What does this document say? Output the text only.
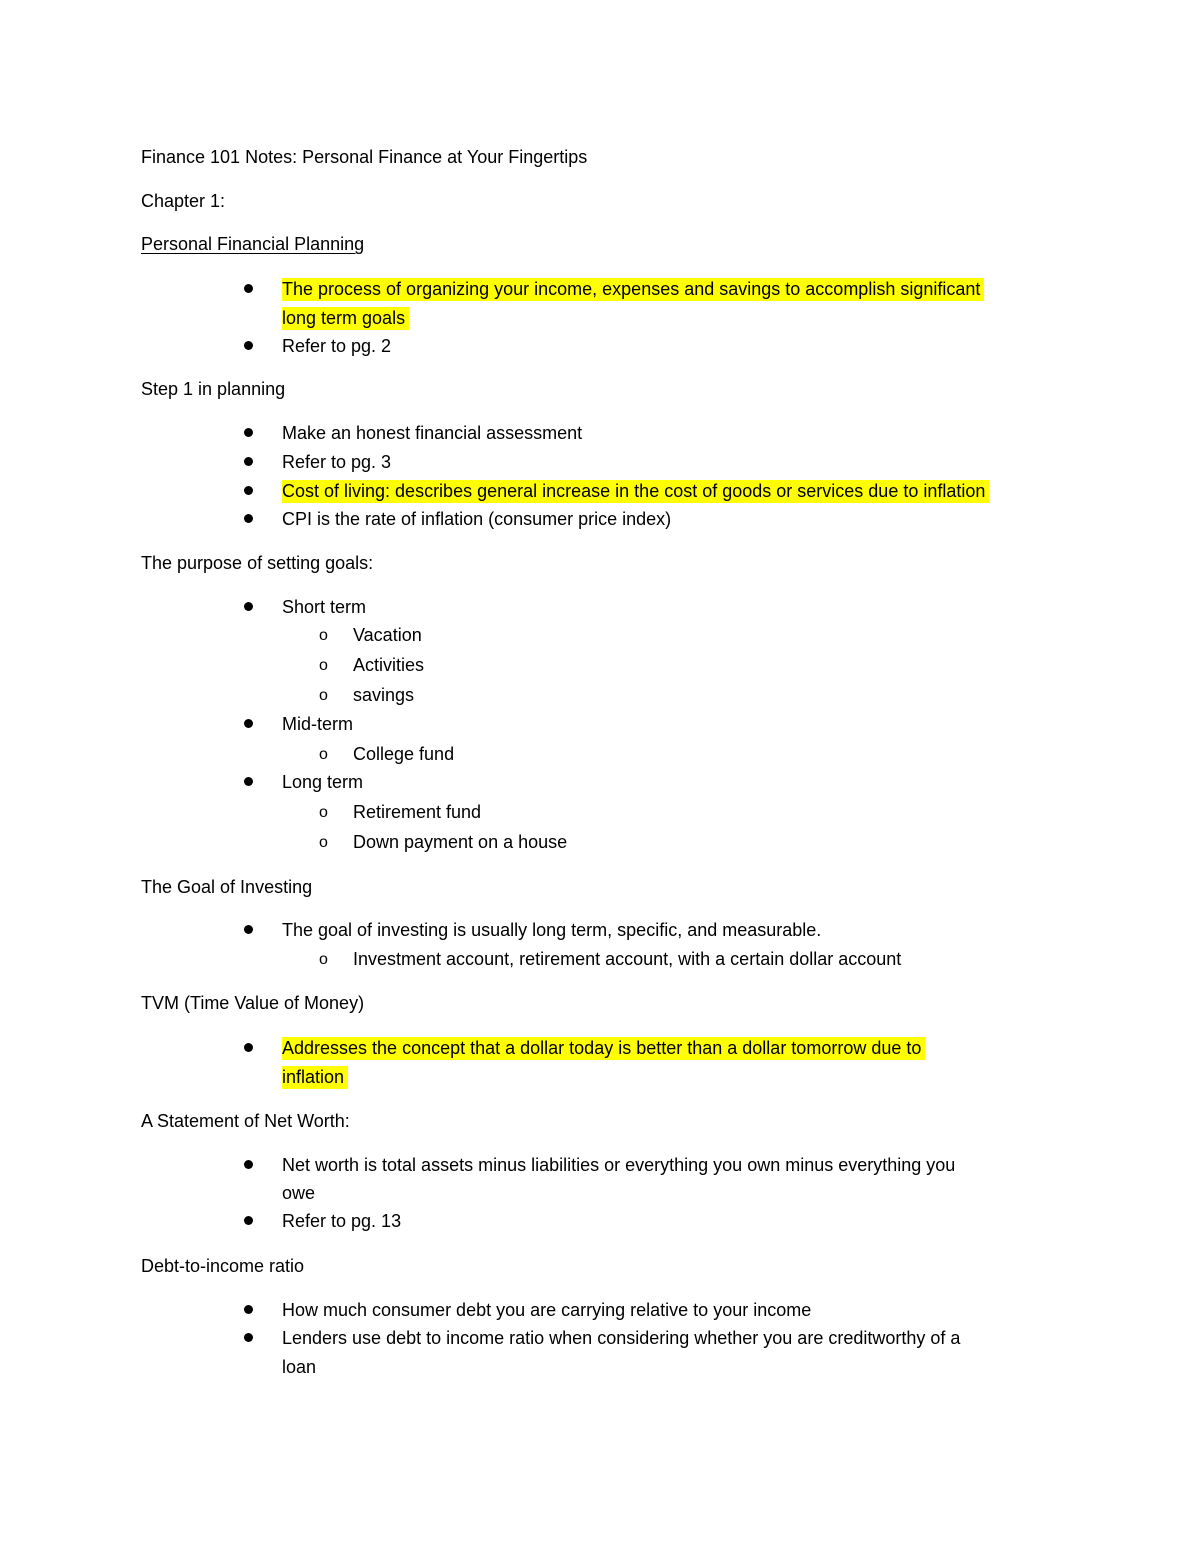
Finance 101 Notes: Personal Finance at Your Fingertips
Chapter 1:
Personal Financial Planning
The process of organizing your income, expenses and savings to accomplish significant
long term goals
Refer to pg. 2
Step 1 in planning
Make an honest financial assessment
Refer to pg. 3
Cost of living: describes general increase in the cost of goods or services due to inflation
CPI is the rate of inflation (consumer price index)
The purpose of setting goals:
Short term
o Vacation
o Activities
o savings
Mid-term
o College fund
Long term
o Retirement fund
o Down payment on a house
The Goal of Investing
The goal of investing is usually long term, specific, and measurable.
o Investment account, retirement account, with a certain dollar account
TVM (Time Value of Money)
Addresses the concept that a dollar today is better than a dollar tomorrow due to
inflation
A Statement of Net Worth:
Net worth is total assets minus liabilities or everything you own minus everything you
owe
Refer to pg. 13
Debt-to-income ratio
How much consumer debt you are carrying relative to your income
Lenders use debt to income ratio when considering whether you are creditworthy of a
loan
